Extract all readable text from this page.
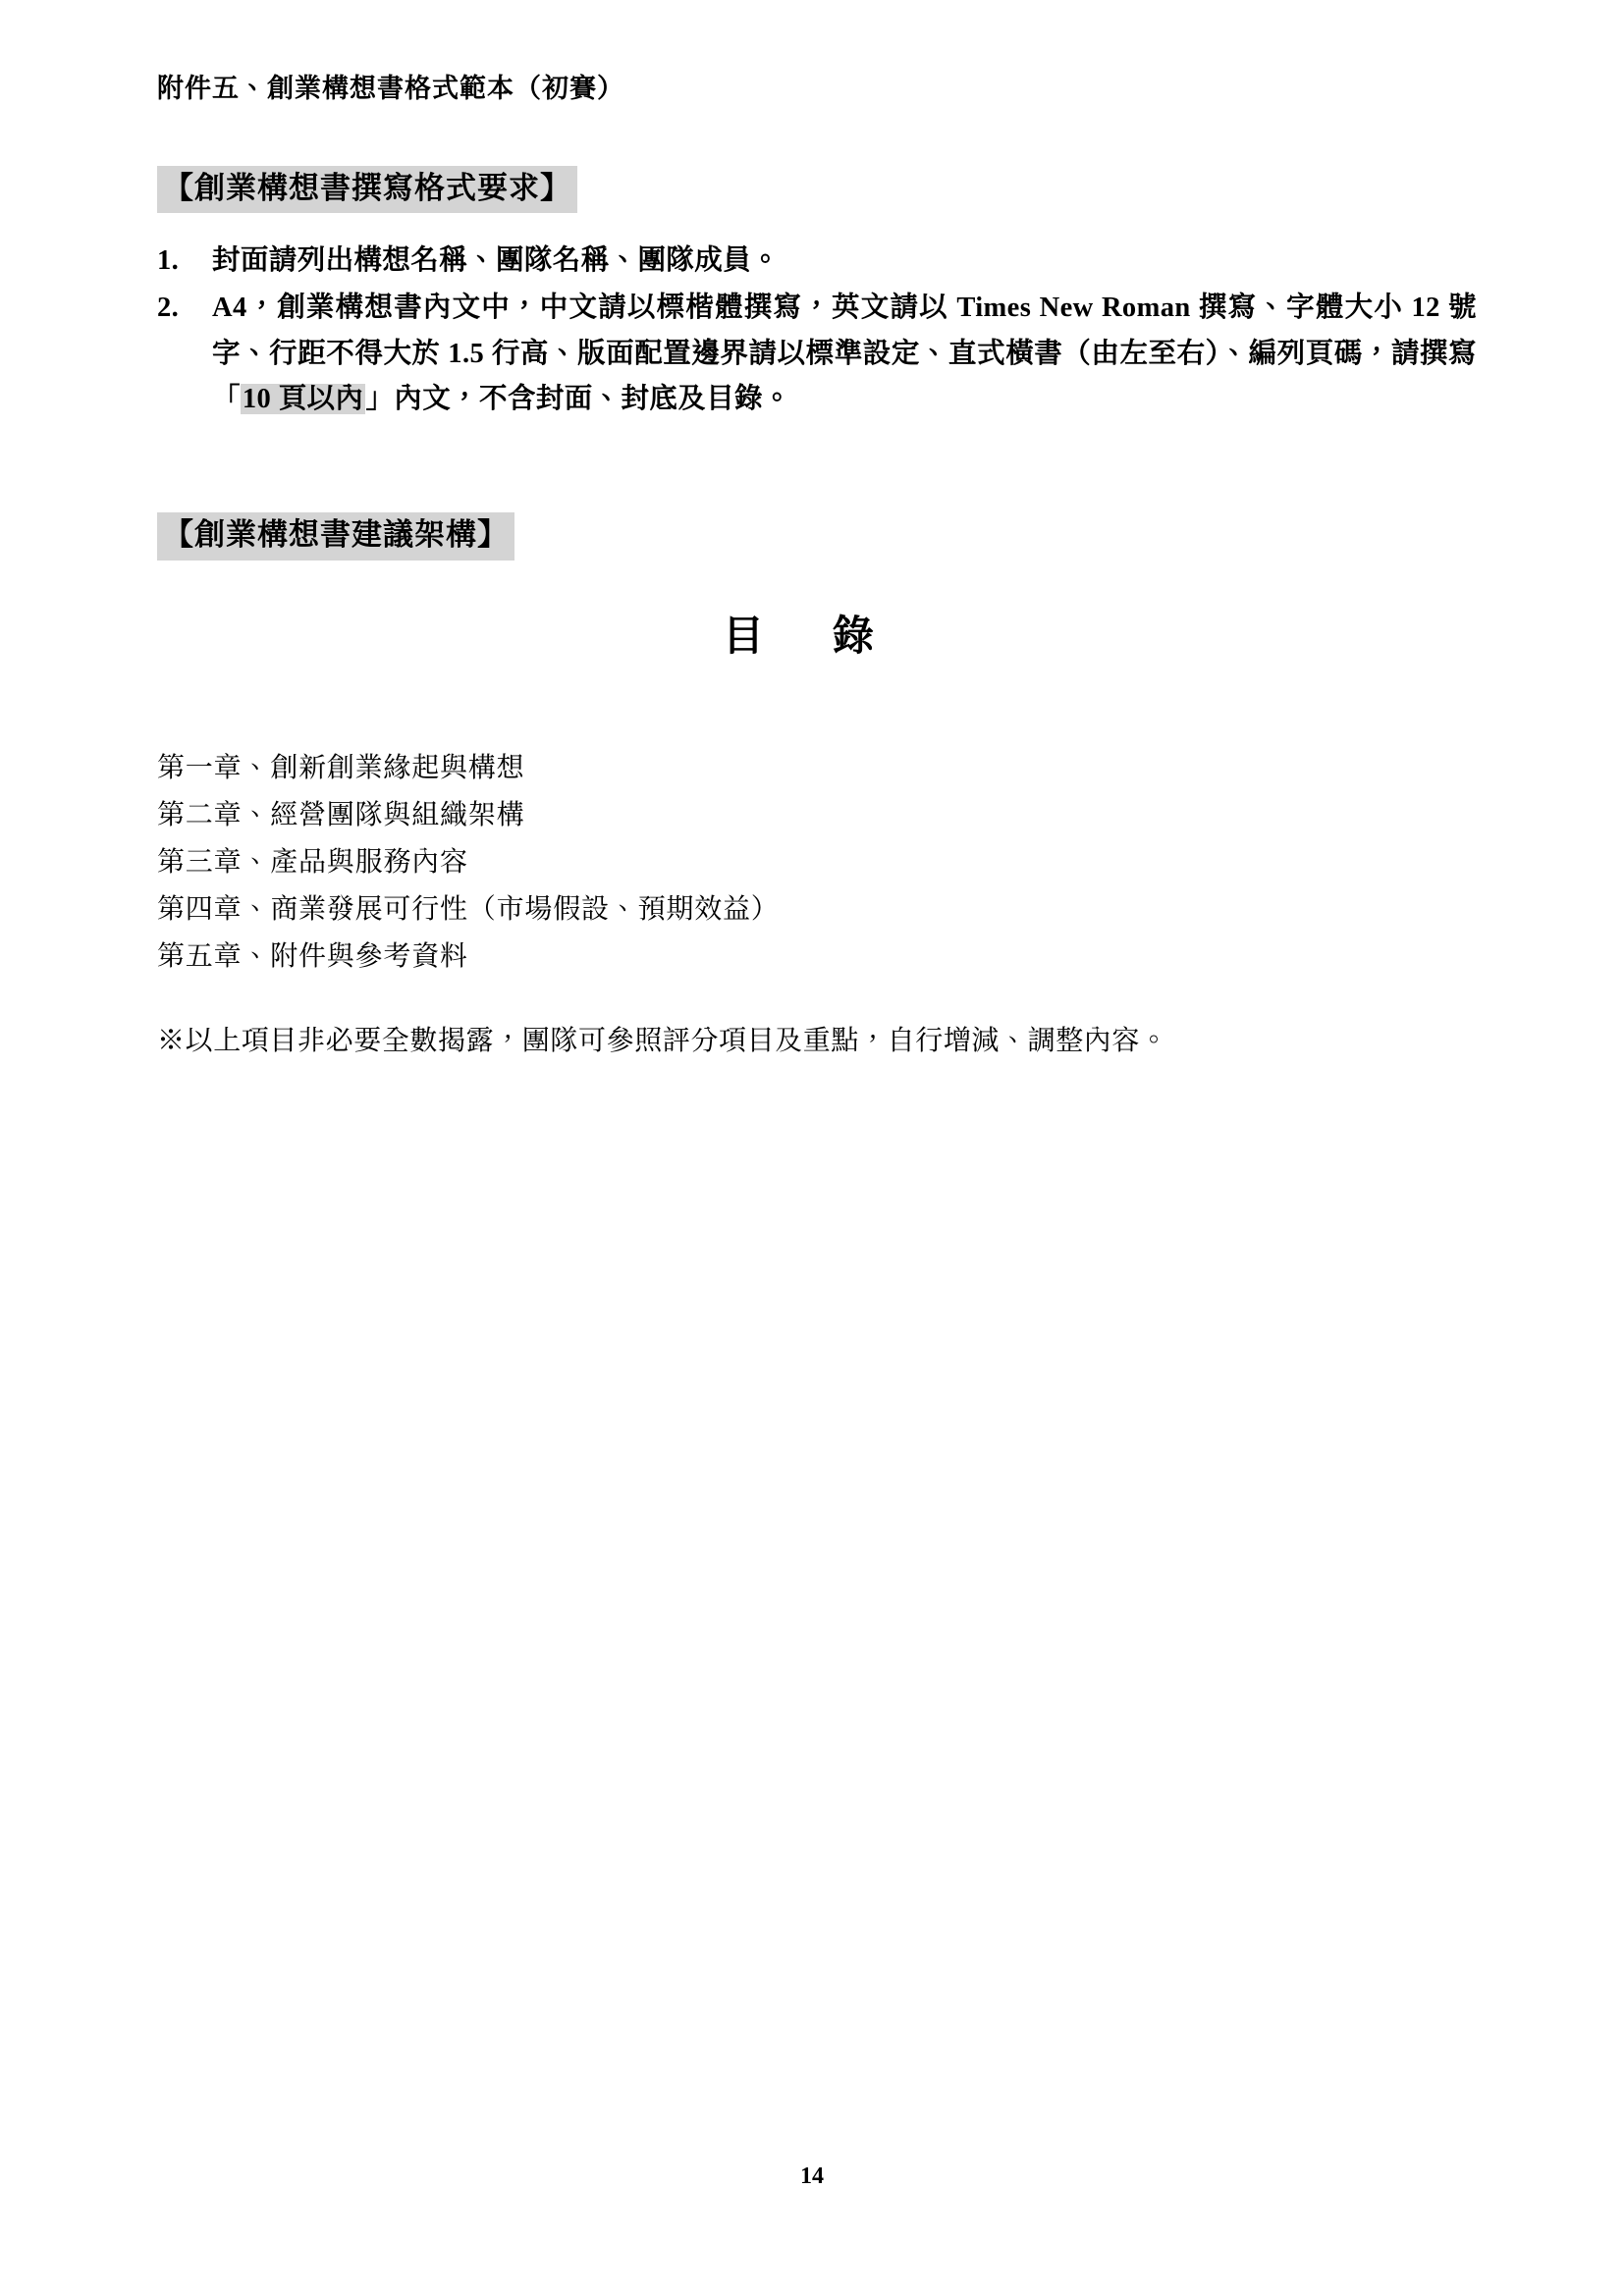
附件五、創業構想書格式範本（初賽）
【創業構想書撰寫格式要求】
1.	封面請列出構想名稱、團隊名稱、團隊成員。
2.	A4，創業構想書內文中，中文請以標楷體撰寫，英文請以 Times New Roman 撰寫、字體大小 12 號字、行距不得大於 1.5 行高、版面配置邊界請以標準設定、直式橫書（由左至右）、編列頁碼，請撰寫「10 頁以內」內文，不含封面、封底及目錄。
【創業構想書建議架構】
目　錄
第一章、創新創業緣起與構想
第二章、經營團隊與組織架構
第三章、產品與服務內容
第四章、商業發展可行性（市場假設、預期效益）
第五章、附件與參考資料
※以上項目非必要全數揭露，團隊可參照評分項目及重點，自行增減、調整內容。
14
